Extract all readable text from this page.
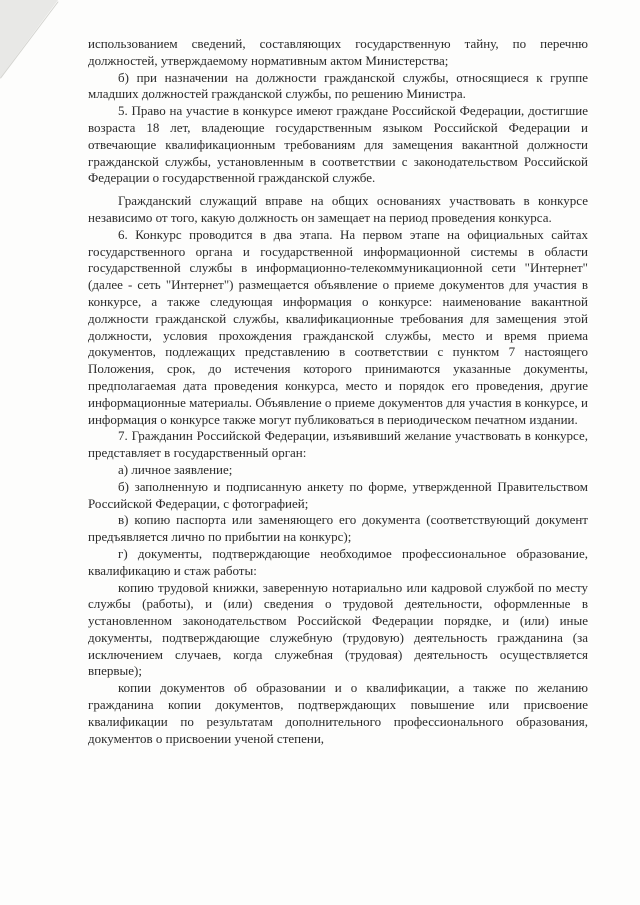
использованием сведений, составляющих государственную тайну, по перечню должностей, утверждаемому нормативным актом Министерства;

б) при назначении на должности гражданской службы, относящиеся к группе младших должностей гражданской службы, по решению Министра.

5. Право на участие в конкурсе имеют граждане Российской Федерации, достигшие возраста 18 лет, владеющие государственным языком Российской Федерации и отвечающие квалификационным требованиям для замещения вакантной должности гражданской службы, установленным в соответствии с законодательством Российской Федерации о государственной гражданской службе.

Гражданский служащий вправе на общих основаниях участвовать в конкурсе независимо от того, какую должность он замещает на период проведения конкурса.

6. Конкурс проводится в два этапа. На первом этапе на официальных сайтах государственного органа и государственной информационной системы в области государственной службы в информационно-телекоммуникационной сети "Интернет" (далее - сеть "Интернет") размещается объявление о приеме документов для участия в конкурсе, а также следующая информация о конкурсе: наименование вакантной должности гражданской службы, квалификационные требования для замещения этой должности, условия прохождения гражданской службы, место и время приема документов, подлежащих представлению в соответствии с пунктом 7 настоящего Положения, срок, до истечения которого принимаются указанные документы, предполагаемая дата проведения конкурса, место и порядок его проведения, другие информационные материалы. Объявление о приеме документов для участия в конкурсе, и информация о конкурсе также могут публиковаться в периодическом печатном издании.

7. Гражданин Российской Федерации, изъявивший желание участвовать в конкурсе, представляет в государственный орган:

а) личное заявление;

б) заполненную и подписанную анкету по форме, утвержденной Правительством Российской Федерации, с фотографией;

в) копию паспорта или заменяющего его документа (соответствующий документ предъявляется лично по прибытии на конкурс);

г) документы, подтверждающие необходимое профессиональное образование, квалификацию и стаж работы:

копию трудовой книжки, заверенную нотариально или кадровой службой по месту службы (работы), и (или) сведения о трудовой деятельности, оформленные в установленном законодательством Российской Федерации порядке, и (или) иные документы, подтверждающие служебную (трудовую) деятельность гражданина (за исключением случаев, когда служебная (трудовая) деятельность осуществляется впервые);

копии документов об образовании и о квалификации, а также по желанию гражданина копии документов, подтверждающих повышение или присвоение квалификации по результатам дополнительного профессионального образования, документов о присвоении ученой степени,
